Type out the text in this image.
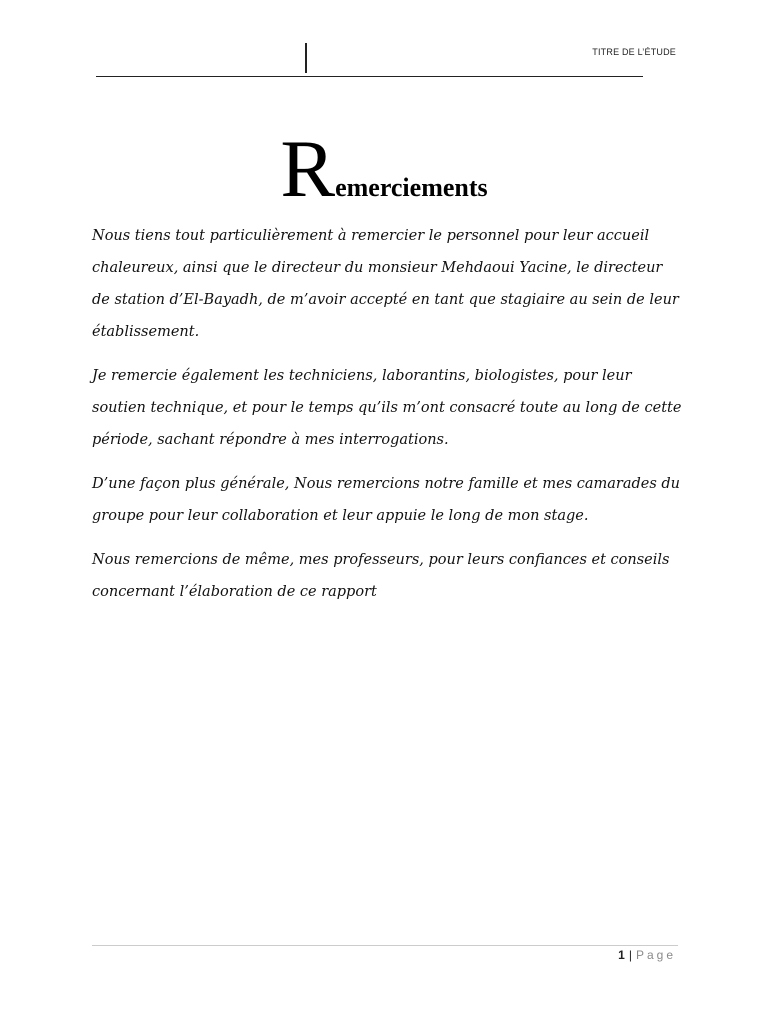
TITRE DE L’ÉTUDE
Remerciements

Nous tiens tout particulièrement à remercier le personnel pour leur accueil chaleureux, ainsi que le directeur du monsieur Mehdaoui Yacine, le directeur de station d’El-Bayadh, de m’avoir accepté en tant que stagiaire au sein de leur établissement.

Je remercie également les techniciens, laborantins, biologistes, pour leur soutien technique, et pour le temps qu’ils m’ont consacré toute au long de cette période, sachant répondre à mes interrogations.

D’une façon plus générale, Nous remercions notre famille et mes camarades du groupe pour leur collaboration et leur appuie le long de mon stage.

Nous remercions de même, mes professeurs, pour leurs confiances et conseils concernant l’élaboration de ce rapport

1 | Page
